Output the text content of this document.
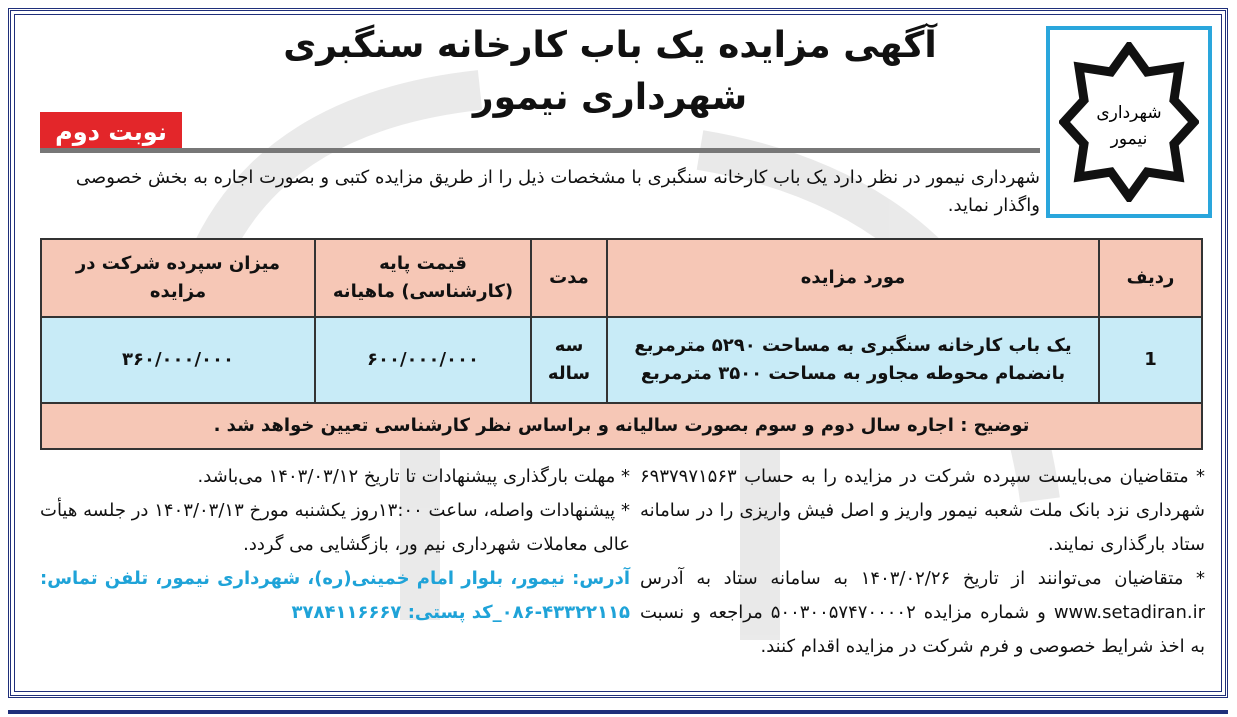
شهرداری
نیمور
آگهی مزایده یک باب کارخانه سنگبری
شهرداری نیمور
نوبت دوم
شهرداری نیمور در نظر دارد یک باب کارخانه سنگبری با مشخصات ذیل را از طریق مزایده کتبی و بصورت اجاره به بخش خصوصی واگذار نماید.
ردیف	مورد مزایده	مدت	قیمت پایه (کارشناسی) ماهیانه	میزان سپرده شرکت در مزایده
1	یک باب کارخانه سنگبری به مساحت ۵۲۹۰ مترمربع بانضمام محوطه مجاور به مساحت ۳۵۰۰ مترمربع	سه ساله	۶۰۰/۰۰۰/۰۰۰	۳۶۰/۰۰۰/۰۰۰
توضیح : اجاره سال دوم و سوم بصورت سالیانه و براساس نظر کارشناسی تعیین خواهد شد .				

* متقاضیان می‌بایست سپرده شرکت در مزایده را به حساب ۶۹۳۷۹۷۱۵۶۳ شهرداری نزد بانک ملت شعبه نیمور واریز و اصل فیش واریزی را در سامانه ستاد بارگذاری نمایند.

* متقاضیان می‌توانند از تاریخ ۱۴۰۳/۰۲/۲۶ به سامانه ستاد به آدرس www.setadiran.ir و شماره مزایده ۵۰۰۳۰۰۵۷۴۷۰۰۰۰۲ مراجعه و نسبت به اخذ شرایط خصوصی و فرم شرکت در مزایده اقدام کنند.

* مهلت بارگذاری پیشنهادات تا تاریخ ۱۴۰۳/۰۳/۱۲ می‌باشد.

* پیشنهادات واصله، ساعت ۱۳:۰۰روز یکشنبه مورخ ۱۴۰۳/۰۳/۱۳ در جلسه هیأت عالی معاملات شهرداری نیم ور، بازگشایی می گردد.

آدرس: نیمور، بلوار امام خمینی(ره)، شهرداری نیمور، تلفن تماس: ۴۳۳۲۲۱۱۵-۰۸۶_کد پستی: ۳۷۸۴۱۱۶۶۶۷
